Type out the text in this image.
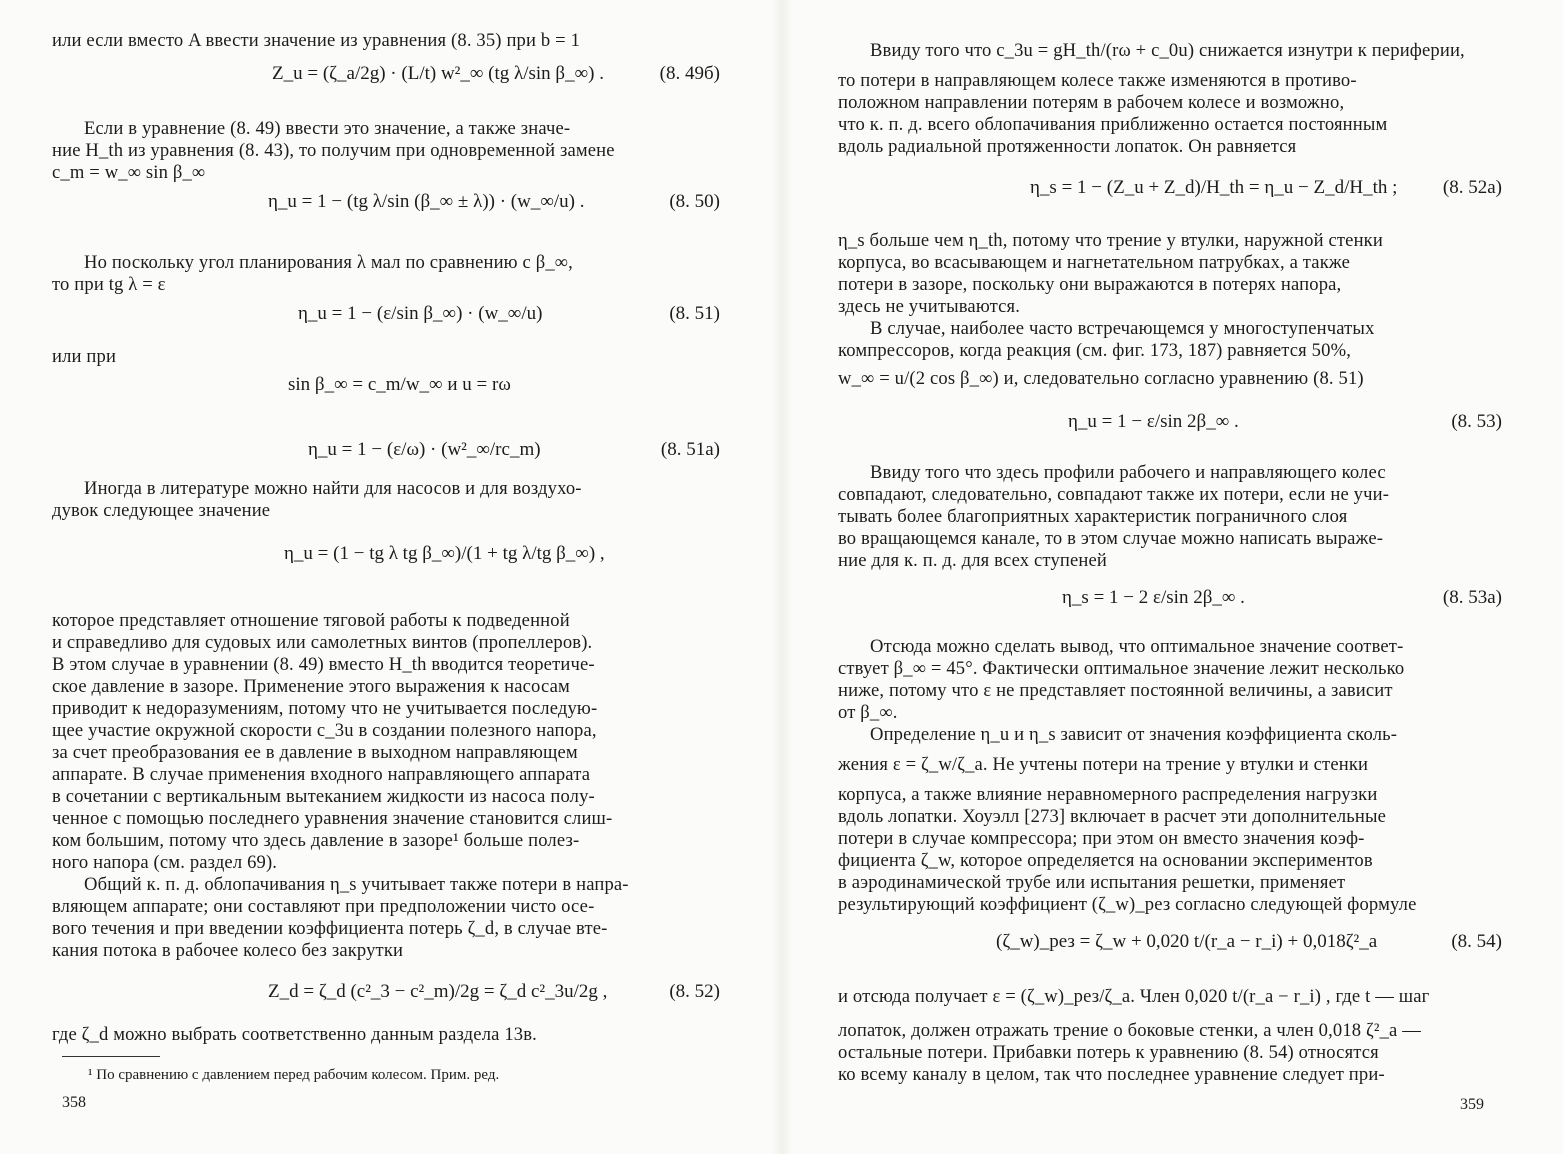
или если вместо A ввести значение из уравнения (8. 35) при b = 1
Z_u = (ζ_a/2g) · (L/t) w²_∞ (tg λ/sin β_∞) .	(8. 49б)
Если в уравнение (8. 49) ввести это значение, а также значе-
ние H_th из уравнения (8. 43), то получим при одновременной замене
c_m = w_∞ sin β_∞
η_u = 1 − (tg λ/sin (β_∞ ± λ)) · (w_∞/u) .	(8. 50)
Но поскольку угол планирования λ мал по сравнению с β_∞,
то при tg λ = ε
η_u = 1 − (ε/sin β_∞) · (w_∞/u)	(8. 51)
или при
sin β_∞ = c_m/w_∞ и u = rω
η_u = 1 − (ε/ω) · (w²_∞/rc_m)	(8. 51a)
Иногда в литературе можно найти для насосов и для воздухо-
дувок следующее значение
η_u = (1 − tg λ tg β_∞)/(1 + tg λ/tg β_∞) ,
которое представляет отношение тяговой работы к подведенной
и справедливо для судовых или самолетных винтов (пропеллеров).
В этом случае в уравнении (8. 49) вместо H_th вводится теоретиче-
ское давление в зазоре. Применение этого выражения к насосам
приводит к недоразумениям, потому что не учитывается последую-
щее участие окружной скорости c_3u в создании полезного напора,
за счет преобразования ее в давление в выходном направляющем
аппарате. В случае применения входного направляющего аппарата
в сочетании с вертикальным вытеканием жидкости из насоса полу-
ченное с помощью последнего уравнения значение становится слиш-
ком большим, потому что здесь давление в зазоре¹ больше полез-
ного напора (см. раздел 69).
Общий к. п. д. облопачивания η_s учитывает также потери в напра-
вляющем аппарате; они составляют при предположении чисто осе-
вого течения и при введении коэффициента потерь ζ_d, в случае вте-
кания потока в рабочее колесо без закрутки
Z_d = ζ_d (c²_3 − c²_m)/2g = ζ_d c²_3u/2g ,	(8. 52)
где ζ_d можно выбрать соответственно данным раздела 13в.
¹ По сравнению с давлением перед рабочим колесом. Прим. ред.
358
Ввиду того что c_3u = gH_th/(rω + c_0u) снижается изнутри к периферии,
то потери в направляющем колесе также изменяются в противо-
положном направлении потерям в рабочем колесе и возможно,
что к. п. д. всего облопачивания приближенно остается постоянным
вдоль радиальной протяженности лопаток. Он равняется
η_s = 1 − (Z_u + Z_d)/H_th = η_u − Z_d/H_th ;	(8. 52a)
η_s больше чем η_th, потому что трение у втулки, наружной стенки
корпуса, во всасывающем и нагнетательном патрубках, а также
потери в зазоре, поскольку они выражаются в потерях напора,
здесь не учитываются.
В случае, наиболее часто встречающемся у многоступенчатых
компрессоров, когда реакция (см. фиг. 173, 187) равняется 50%,
w_∞ = u/(2 cos β_∞) и, следовательно согласно уравнению (8. 51)
η_u = 1 − ε/sin 2β_∞ .	(8. 53)
Ввиду того что здесь профили рабочего и направляющего колес
совпадают, следовательно, совпадают также их потери, если не учи-
тывать более благоприятных характеристик пограничного слоя
во вращающемся канале, то в этом случае можно написать выраже-
ние для к. п. д. для всех ступеней
η_s = 1 − 2 ε/sin 2β_∞ .	(8. 53a)
Отсюда можно сделать вывод, что оптимальное значение соответ-
ствует β_∞ = 45°. Фактически оптимальное значение лежит несколько
ниже, потому что ε не представляет постоянной величины, а зависит
от β_∞.
Определение η_u и η_s зависит от значения коэффициента сколь-
жения ε = ζ_w/ζ_a. Не учтены потери на трение у втулки и стенки
корпуса, а также влияние неравномерного распределения нагрузки
вдоль лопатки. Хоуэлл [273] включает в расчет эти дополнительные
потери в случае компрессора; при этом он вместо значения коэф-
фициента ζ_w, которое определяется на основании экспериментов
в аэродинамической трубе или испытания решетки, применяет
результирующий коэффициент (ζ_w)_рез согласно следующей формуле
(ζ_w)_рез = ζ_w + 0,020 t/(r_a − r_i) + 0,018ζ²_a	(8. 54)
и отсюда получает ε = (ζ_w)_рез/ζ_a. Член 0,020 t/(r_a − r_i) , где t — шаг
лопаток, должен отражать трение о боковые стенки, а член 0,018 ζ²_a —
остальные потери. Прибавки потерь к уравнению (8. 54) относятся
ко всему каналу в целом, так что последнее уравнение следует при-
359
